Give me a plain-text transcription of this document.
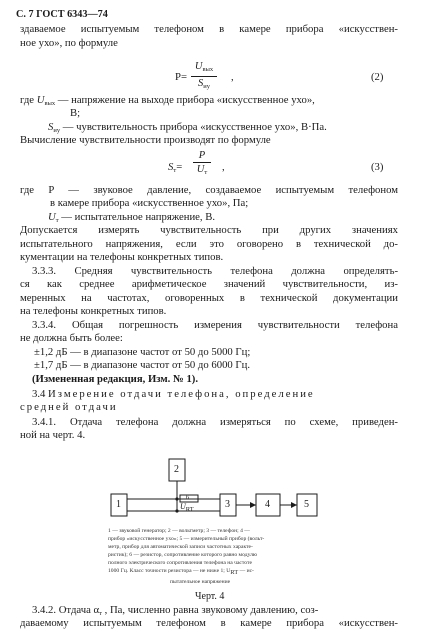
С. 7 ГОСТ 6343—74
здаваемое испытуемым телефоном в камере прибора «искусствен-
ное ухо», по формуле
P=
$U_{вых}$
$S_{иу}$
,	(2)
где $U_{вых}$ — напряжение на выходе прибора «искусственное ухо»,
В;
$S_{иу}$ — чувствительность прибора «искусственное ухо», В·Па.
Вычисление чувствительности производят по формуле
$S_т=$
P
$U_т$ ,	(3)
где P — звуковое давление, создаваемое испытуемым телефоном
в камере прибора «искусственное ухо», Па;
$U_т$ — испытательное напряжение, В.
Допускается измерять чувствительность при других значениях
испытательного напряжения, если это оговорено в технической до-
кументации на телефоны конкретных типов.
3.3.3. Средняя чувствительность телефона должна определять-
ся как среднее арифметическое значений чувствительности, из-
меренных на частотах, оговоренных в технической документации
на телефоны конкретных типов.
3.3.4. Общая погрешность измерения чувствительности телефона
не должна быть более:
±1,2 дБ — в диапазоне частот от 50 до 5000 Гц;
±1,7 дБ — в диапазоне частот от 50 до 6000 Гц.
(Измененная редакция, Изм. № 1).
3.4 Измерение отдачи телефона, определение
средней отдачи
3.4.1. Отдача телефона должна измеряться по схеме, приведен-
ной на черт. 4.
1
2
3	4	5
6
$U_{RT}$
1 — звуковой генератор; 2 — вольтметр; 3 — телефон; 4 —
прибор «искусственное ухо»; 5 — измерительный прибор (вольт-
метр, прибор для автоматической записи частотных характе-
ристик); 6 — резистор, сопротивление которого равно модулю
полного электрического сопротивления телефона на частоте
1000 Гц. Класс точности резистора — не ниже 1; URT — ис-
пытательное напряжение
Черт. 4
3.4.2. Отдача $\alpha_т$ , Па, численно равна звуковому давлению, соз-
даваемому испытуемым телефоном в камере прибора «искусствен-
